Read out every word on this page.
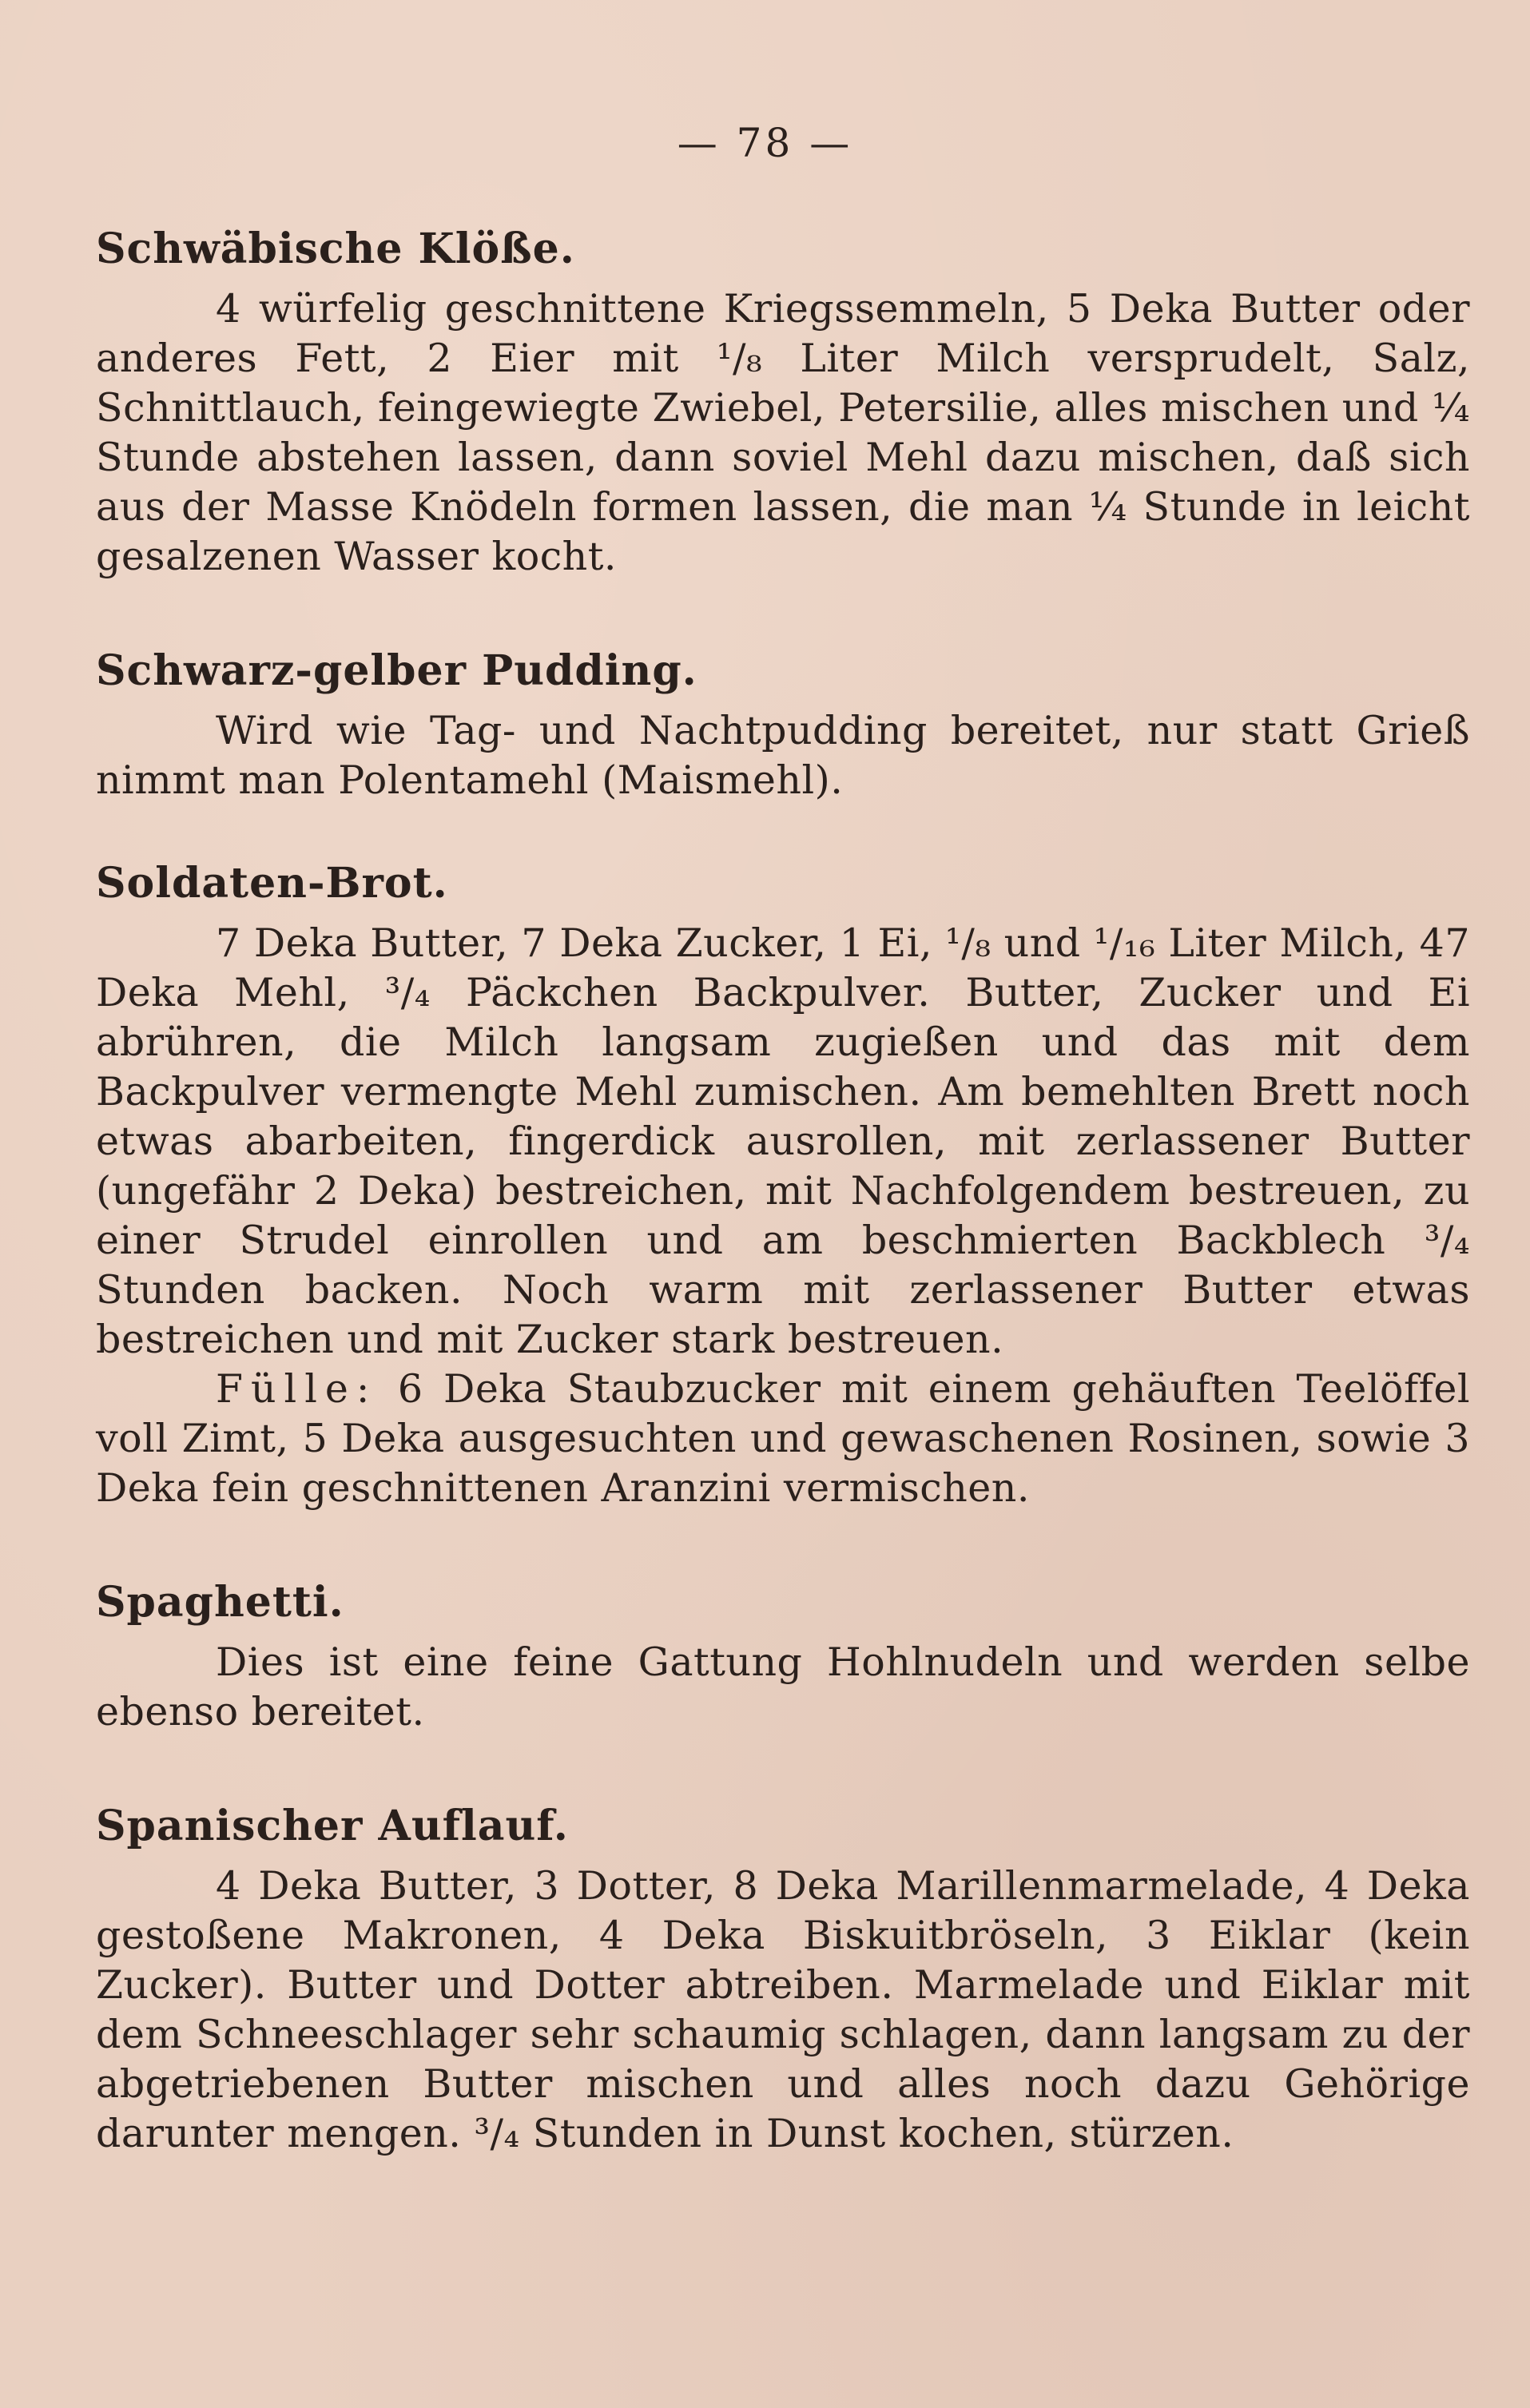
— 78 —
Schwäbische Klöße.

4 würfelig geschnittene Kriegssemmeln, 5 Deka Butter oder anderes Fett, 2 Eier mit ¹/₈ Liter Milch versprudelt, Salz, Schnittlauch, feingewiegte Zwiebel, Petersilie, alles mischen und ¼ Stunde abstehen lassen, dann soviel Mehl dazu mischen, daß sich aus der Masse Knödeln formen lassen, die man ¼ Stunde in leicht gesalzenen Wasser kocht.

Schwarz-gelber Pudding.

Wird wie Tag- und Nachtpudding bereitet, nur statt Grieß nimmt man Polentamehl (Maismehl).

Soldaten-Brot.

7 Deka Butter, 7 Deka Zucker, 1 Ei, ¹/₈ und ¹/₁₆ Liter Milch, 47 Deka Mehl, ³/₄ Päckchen Backpulver. Butter, Zucker und Ei abrühren, die Milch langsam zugießen und das mit dem Backpulver vermengte Mehl zumischen. Am bemehlten Brett noch etwas abarbeiten, fingerdick ausrollen, mit zerlassener Butter (ungefähr 2 Deka) bestreichen, mit Nachfolgendem bestreuen, zu einer Strudel einrollen und am beschmierten Backblech ³/₄ Stunden backen. Noch warm mit zerlassener Butter etwas bestreichen und mit Zucker stark bestreuen.

Fülle: 6 Deka Staubzucker mit einem gehäuften Teelöffel voll Zimt, 5 Deka ausgesuchten und gewaschenen Rosinen, sowie 3 Deka fein geschnittenen Aranzini vermischen.

Spaghetti.

Dies ist eine feine Gattung Hohlnudeln und werden selbe ebenso bereitet.

Spanischer Auflauf.

4 Deka Butter, 3 Dotter, 8 Deka Marillenmarmelade, 4 Deka gestoßene Makronen, 4 Deka Biskuitbröseln, 3 Eiklar (kein Zucker). Butter und Dotter abtreiben. Marmelade und Eiklar mit dem Schneeschlager sehr schaumig schlagen, dann langsam zu der abgetriebenen Butter mischen und alles noch dazu Gehörige darunter mengen. ³/₄ Stunden in Dunst kochen, stürzen.
